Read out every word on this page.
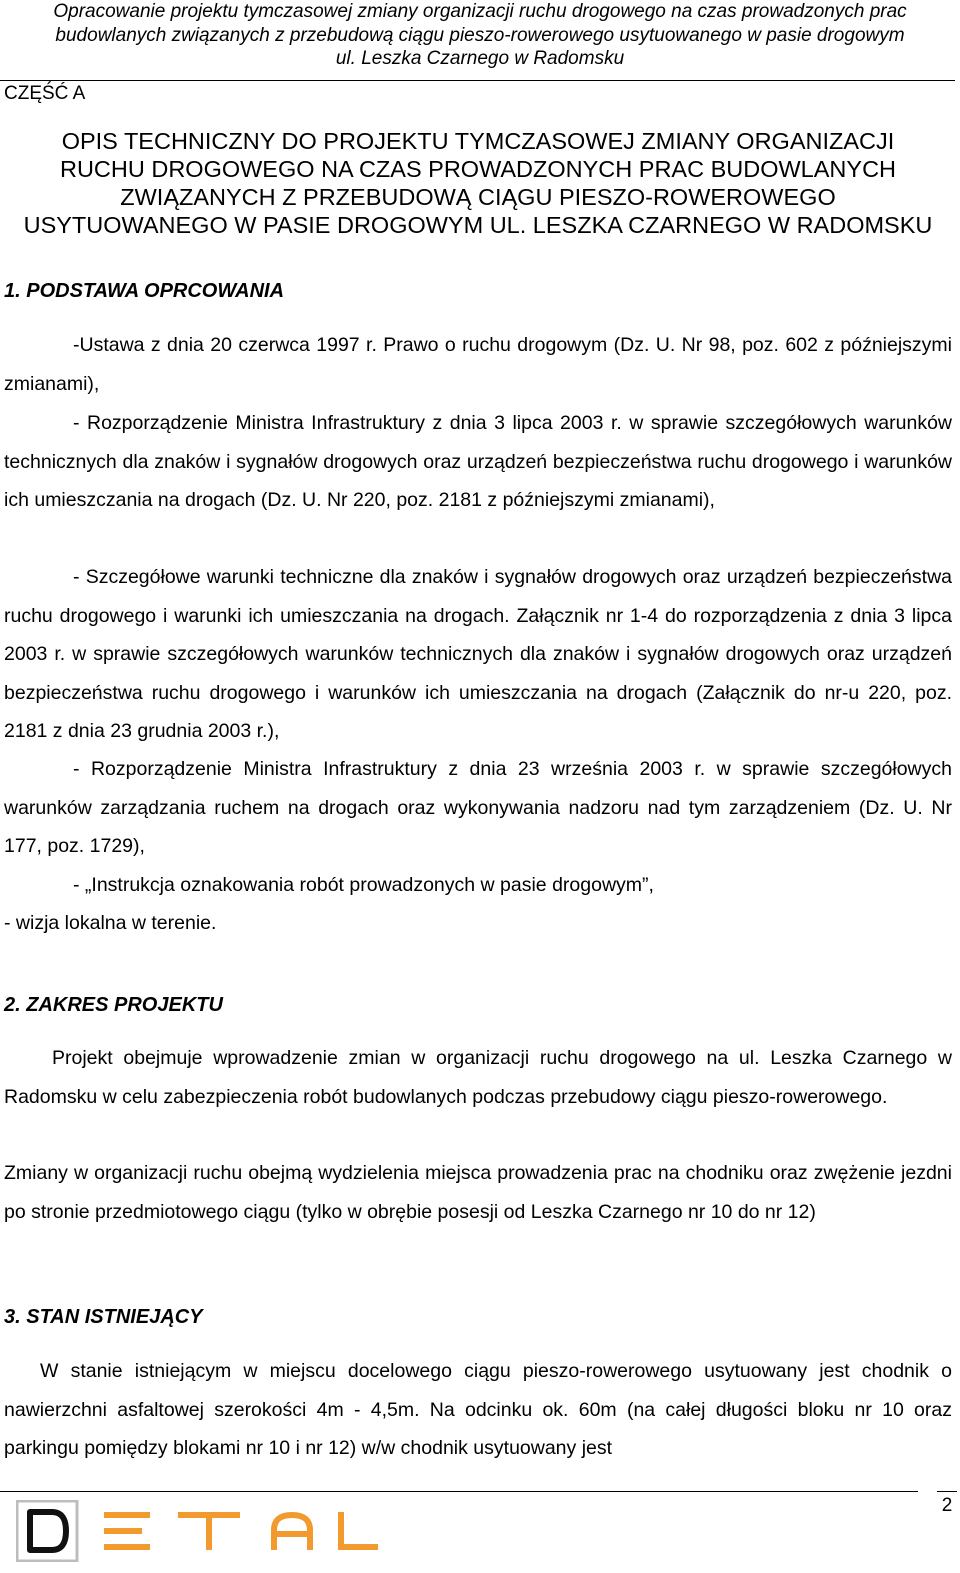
Opracowanie projektu tymczasowej zmiany organizacji ruchu drogowego na czas prowadzonych prac
budowlanych związanych z przebudową ciągu pieszo-rowerowego usytuowanego w pasie drogowym
ul. Leszka Czarnego w Radomsku
CZĘŚĆ A
OPIS TECHNICZNY DO PROJEKTU TYMCZASOWEJ ZMIANY ORGANIZACJI
RUCHU DROGOWEGO NA CZAS PROWADZONYCH PRAC BUDOWLANYCH
ZWIĄZANYCH Z PRZEBUDOWĄ CIĄGU PIESZO-ROWEROWEGO
USYTUOWANEGO W PASIE DROGOWYM UL. LESZKA CZARNEGO W RADOMSKU
1. PODSTAWA OPRCOWANIA

-Ustawa z dnia 20 czerwca 1997 r. Prawo o ruchu drogowym (Dz. U. Nr 98, poz. 602 z późniejszymi zmianami),

- Rozporządzenie Ministra Infrastruktury z dnia 3 lipca 2003 r. w sprawie szczegółowych warunków technicznych dla znaków i sygnałów drogowych oraz urządzeń bezpieczeństwa ruchu drogowego i warunków ich umieszczania na drogach (Dz. U. Nr 220, poz. 2181 z późniejszymi zmianami),

- Szczegółowe warunki techniczne dla znaków i sygnałów drogowych oraz urządzeń bezpieczeństwa ruchu drogowego i warunki ich umieszczania na drogach. Załącznik nr 1-4 do rozporządzenia z dnia 3 lipca 2003 r. w sprawie szczegółowych warunków technicznych dla znaków i sygnałów drogowych oraz urządzeń bezpieczeństwa ruchu drogowego i warunków ich umieszczania na drogach (Załącznik do nr-u 220, poz. 2181 z dnia 23 grudnia 2003 r.),

- Rozporządzenie Ministra Infrastruktury z dnia 23 września 2003 r. w sprawie szczegółowych warunków zarządzania ruchem na drogach oraz wykonywania nadzoru nad tym zarządzeniem (Dz. U. Nr 177, poz. 1729),

- „Instrukcja oznakowania robót prowadzonych w pasie drogowym”,

- wizja lokalna w terenie.

2. ZAKRES PROJEKTU

Projekt obejmuje wprowadzenie zmian w organizacji ruchu drogowego na ul. Leszka Czarnego w Radomsku w celu zabezpieczenia robót budowlanych podczas przebudowy ciągu pieszo-rowerowego.

Zmiany w organizacji ruchu obejmą wydzielenia miejsca prowadzenia prac na chodniku oraz zwężenie jezdni po stronie przedmiotowego ciągu (tylko w obrębie posesji od Leszka Czarnego nr 10 do nr 12)

3. STAN ISTNIEJĄCY

W stanie istniejącym w miejscu docelowego ciągu pieszo-rowerowego usytuowany jest chodnik o nawierzchni asfaltowej szerokości 4m - 4,5m. Na odcinku ok. 60m (na całej długości bloku nr 10 oraz parkingu pomiędzy blokami nr 10 i nr 12) w/w chodnik usytuowany jest

2
